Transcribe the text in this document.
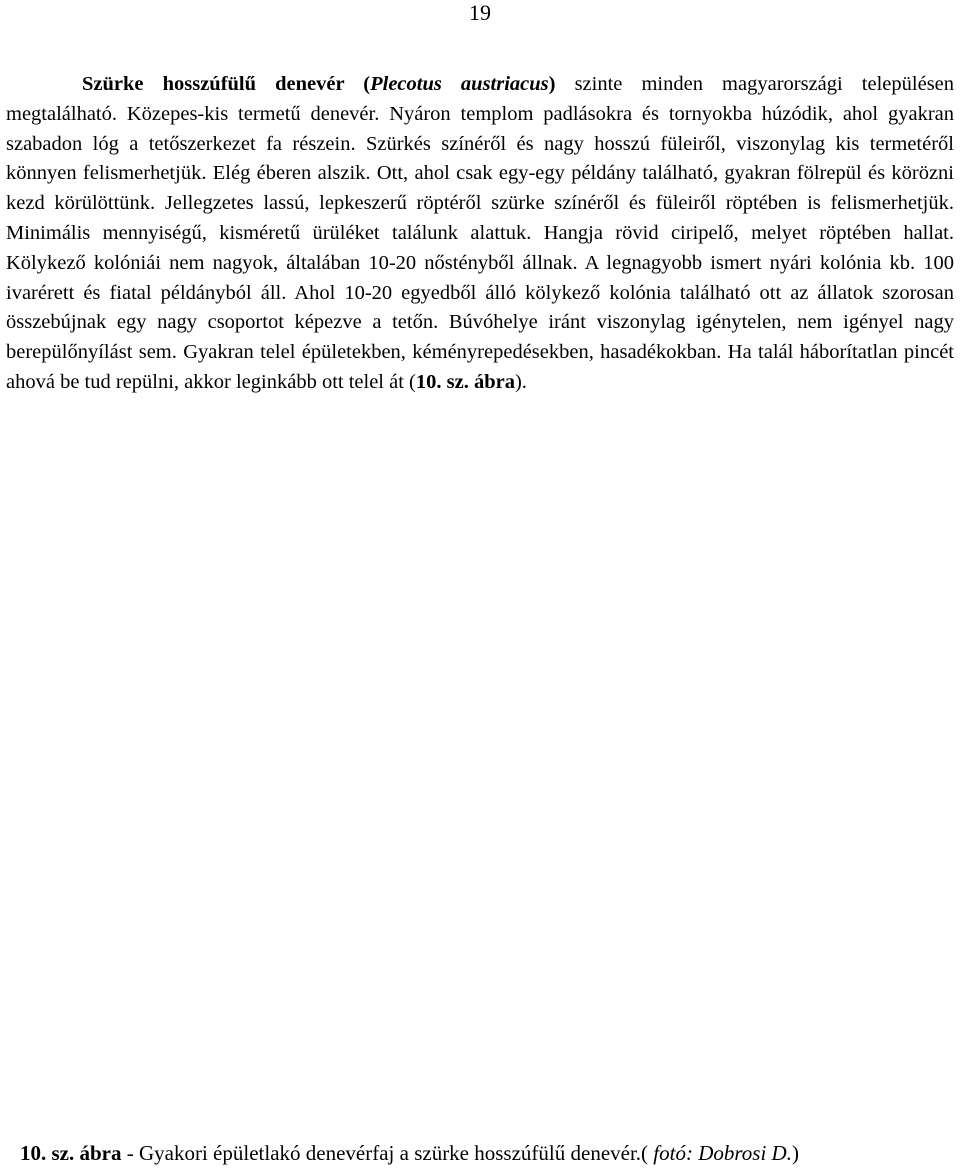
19

Szürke hosszúfülű denevér (Plecotus austriacus) szinte minden magyarországi településen megtalálható. Közepes-kis termetű denevér. Nyáron templom padlásokra és tornyokba húzódik, ahol gyakran szabadon lóg a tetőszerkezet fa részein. Szürkés színéről és nagy hosszú füleiről, viszonylag kis termetéről könnyen felismerhetjük. Elég éberen alszik. Ott, ahol csak egy-egy példány található, gyakran fölrepül és körözni kezd körülöttünk. Jellegzetes lassú, lepkeszerű röptéről szürke színéről és füleiről röptében is felismerhetjük. Minimális mennyiségű, kisméretű ürüléket találunk alattuk. Hangja rövid ciripelő, melyet röptében hallat. Kölykező kolóniái nem nagyok, általában 10-20 nőstényből állnak. A legnagyobb ismert nyári kolónia kb. 100 ivarérett és fiatal példányból áll. Ahol 10-20 egyedből álló kölykező kolónia található ott az állatok szorosan összebújnak egy nagy csoportot képezve a tetőn. Búvóhelye iránt viszonylag igénytelen, nem igényel nagy berepülőnyílást sem. Gyakran telel épületekben, kéményrepedésekben, hasadékokban. Ha talál háborítatlan pincét ahová be tud repülni, akkor leginkább ott telel át (10. sz. ábra).

10. sz. ábra - Gyakori épületlakó denevérfaj a szürke hosszúfülű denevér.( fotó: Dobrosi D.)
